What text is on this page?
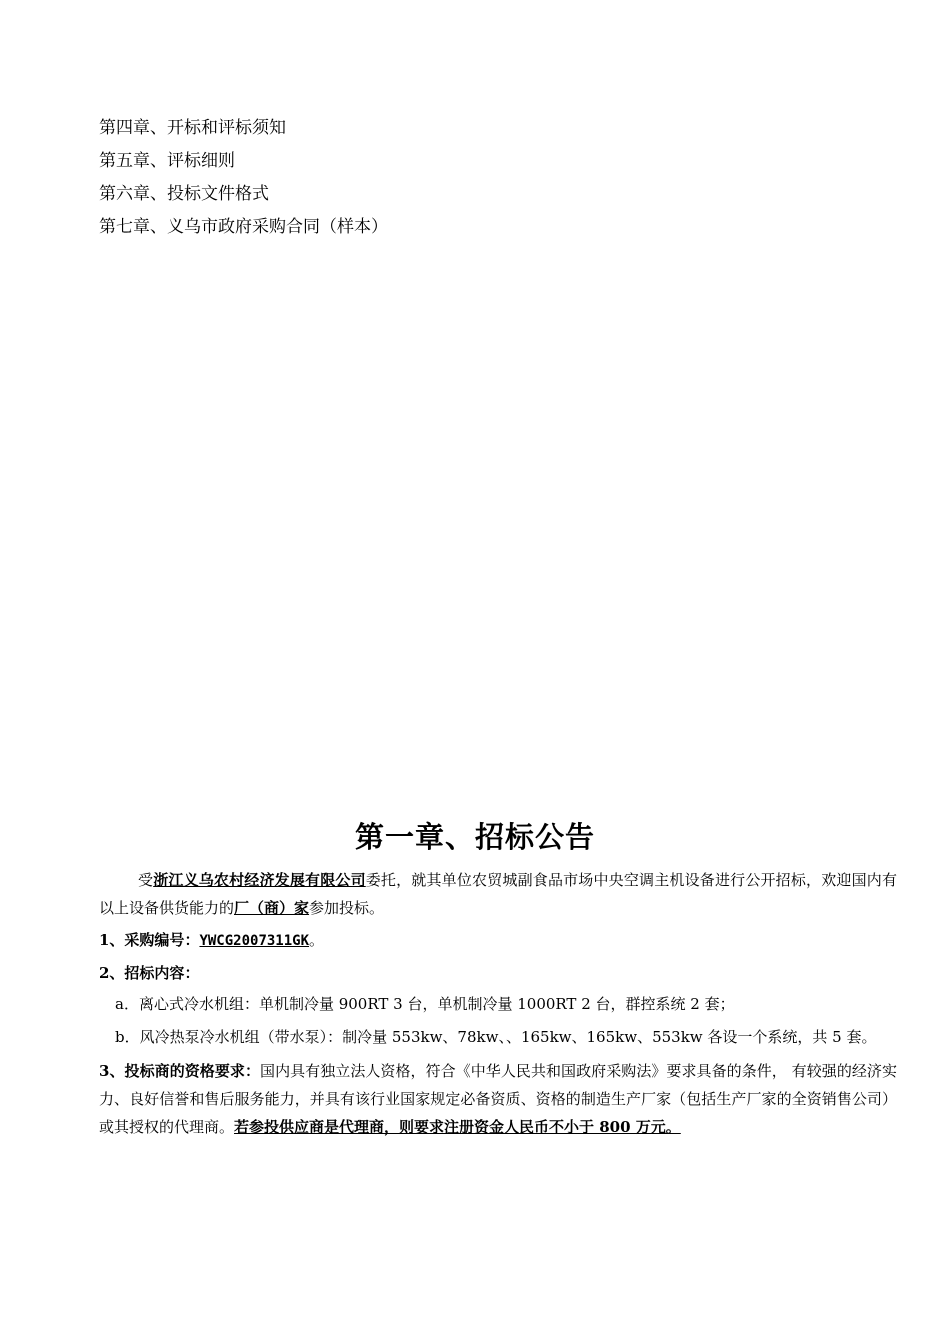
第四章、开标和评标须知
第五章、评标细则
第六章、投标文件格式
第七章、义乌市政府采购合同（样本）
第一章、招标公告
受浙江义乌农村经济发展有限公司委托，就其单位农贸城副食品市场中央空调主机设备进行公开招标，欢迎国内有以上设备供货能力的厂（商）家参加投标。
1、采购编号：YWCG2007311GK。
2、招标内容：
a．离心式冷水机组：单机制冷量 900RT 3 台，单机制冷量 1000RT 2 台，群控系统 2 套；
b．风冷热泵冷水机组（带水泵）：制冷量 553kw、78kw、、165kw、165kw、553kw 各设一个系统，共 5 套。
3、投标商的资格要求：国内具有独立法人资格，符合《中华人民共和国政府采购法》要求具备的条件， 有较强的经济实力、良好信誉和售后服务能力，并具有该行业国家规定必备资质、资格的制造生产厂家（包括生产厂家的全资销售公司）或其授权的代理商。若参投供应商是代理商，则要求注册资金人民币不小于 800 万元。
